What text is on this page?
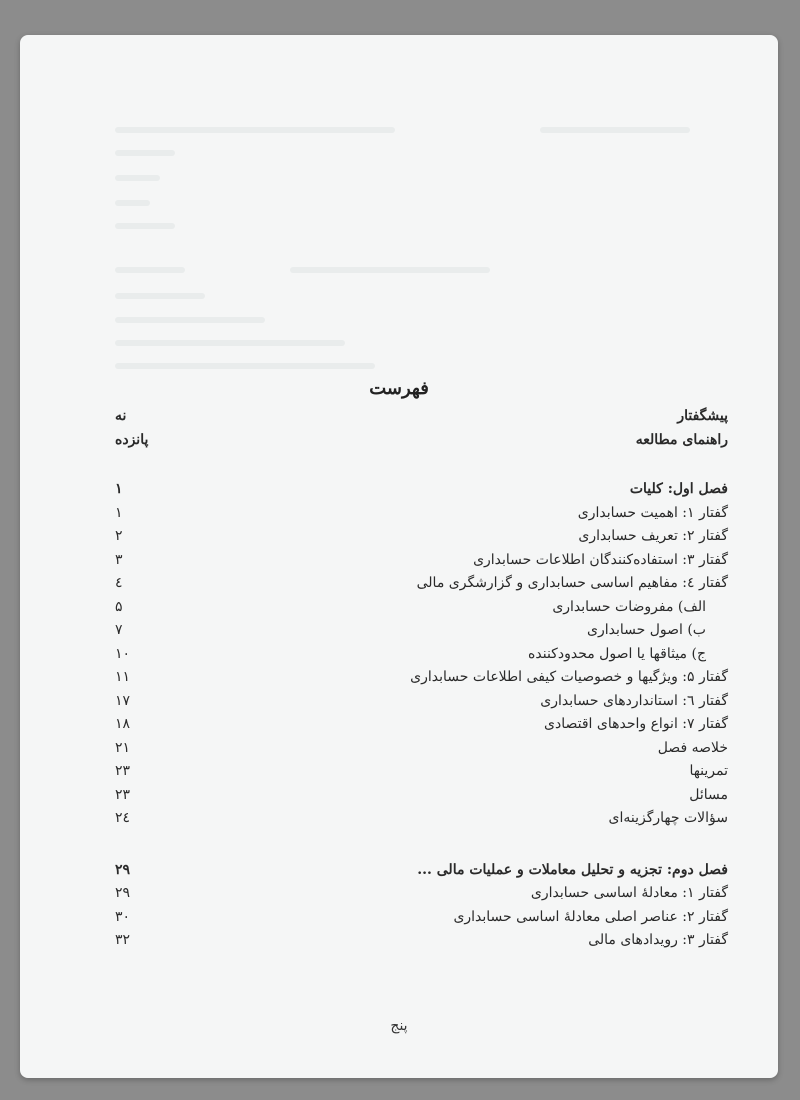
فهرست
پیشگفتار
نه
راهنمای مطالعه
پانزده
فصل اول: کلیات
۱
گفتار ۱: اهمیت حسابداری
۱
گفتار ۲: تعریف حسابداری
۲
گفتار ۳: استفاده‌کنندگان اطلاعات حسابداری
۳
گفتار ٤: مفاهیم اساسی حسابداری و گزارشگری مالی
٤
الف) مفروضات حسابداری
۵
ب) اصول حسابداری
۷
ج) میثاقها یا اصول محدودکننده
۱۰
گفتار ۵: ویژگیها و خصوصیات کیفی اطلاعات حسابداری
۱۱
گفتار ٦: استانداردهای حسابداری
۱۷
گفتار ۷: انواع واحدهای اقتصادی
۱۸
خلاصه فصل
۲۱
تمرینها
۲۳
مسائل
۲۳
سؤالات چهارگزینه‌ای
۲٤
فصل دوم: تجزیه و تحلیل معاملات و عملیات مالی ...
۲۹
گفتار ۱: معادلهٔ اساسی حسابداری
۲۹
گفتار ۲: عناصر اصلی معادلهٔ اساسی حسابداری
۳۰
گفتار ۳: رویدادهای مالی
۳۲
پنج
